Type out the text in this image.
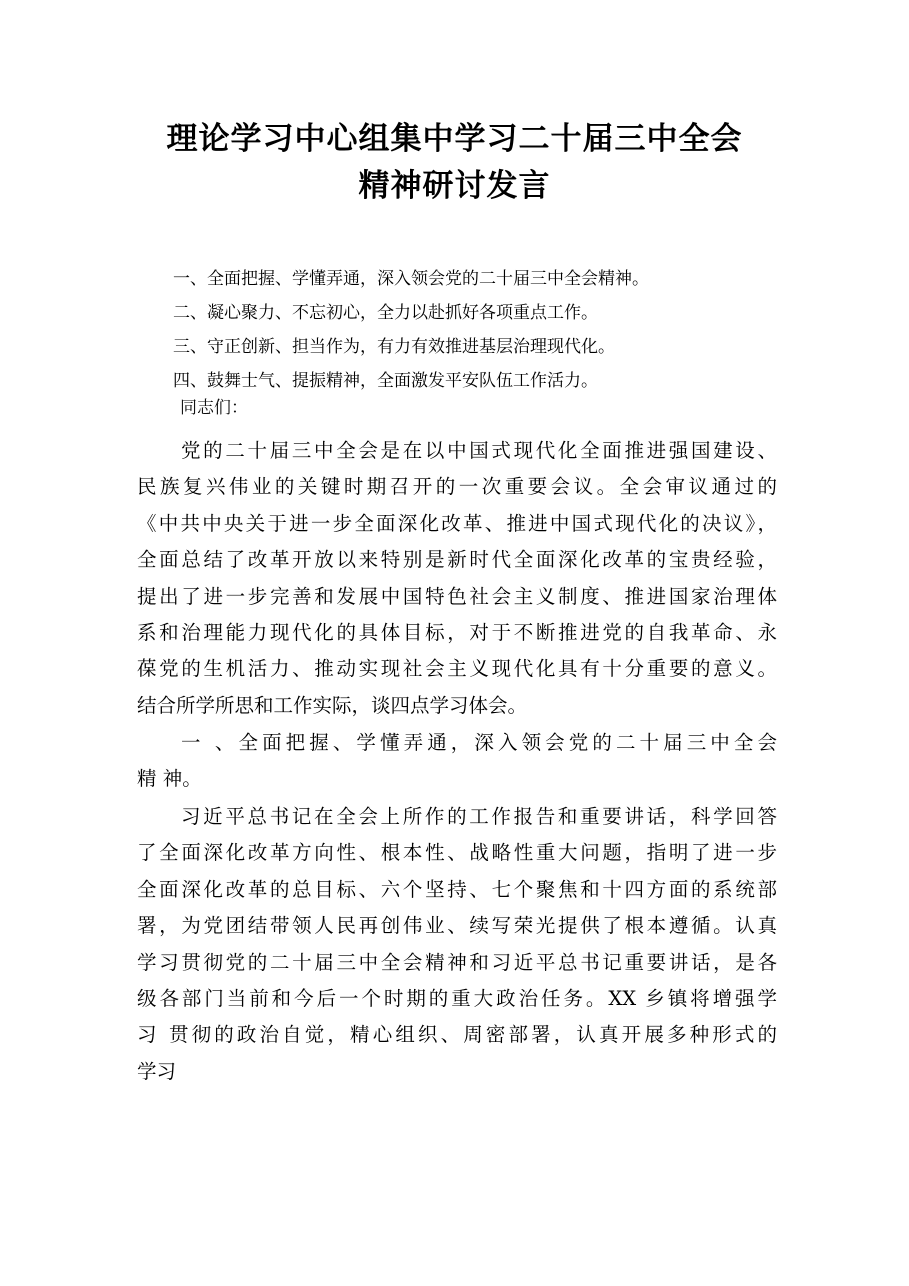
理论学习中心组集中学习二十届三中全会
精神研讨发言
一、全面把握、学懂弄通，深入领会党的二十届三中全会精神。
二、凝心聚力、不忘初心，全力以赴抓好各项重点工作。
三、守正创新、担当作为，有力有效推进基层治理现代化。
四、鼓舞士气、提振精神，全面激发平安队伍工作活力。
同志们：
党的二十届三中全会是在以中国式现代化全面推进强国建设、
民族复兴伟业的关键时期召开的一次重要会议。全会审议通过的
《中共中央关于进一步全面深化改革、推进中国式现代化的决议》，
全面总结了改革开放以来特别是新时代全面深化改革的宝贵经验，
提出了进一步完善和发展中国特色社会主义制度、推进国家治理体
系和治理能力现代化的具体目标，对于不断推进党的自我革命、永
葆党的生机活力、推动实现社会主义现代化具有十分重要的意义。
结合所学所思和工作实际，谈四点学习体会。
一 、全面把握、学懂弄通，深入领会党的二十届三中全会
精 神。
习近平总书记在全会上所作的工作报告和重要讲话，科学回答
了全面深化改革方向性、根本性、战略性重大问题，指明了进一步
全面深化改革的总目标、六个坚持、七个聚焦和十四方面的系统部
署，为党团结带领人民再创伟业、续写荣光提供了根本遵循。认真
学习贯彻党的二十届三中全会精神和习近平总书记重要讲话，是各
级各部门当前和今后一个时期的重大政治任务。XX 乡镇将增强学
习 贯彻的政治自觉，精心组织、周密部署，认真开展多种形式的
学习
